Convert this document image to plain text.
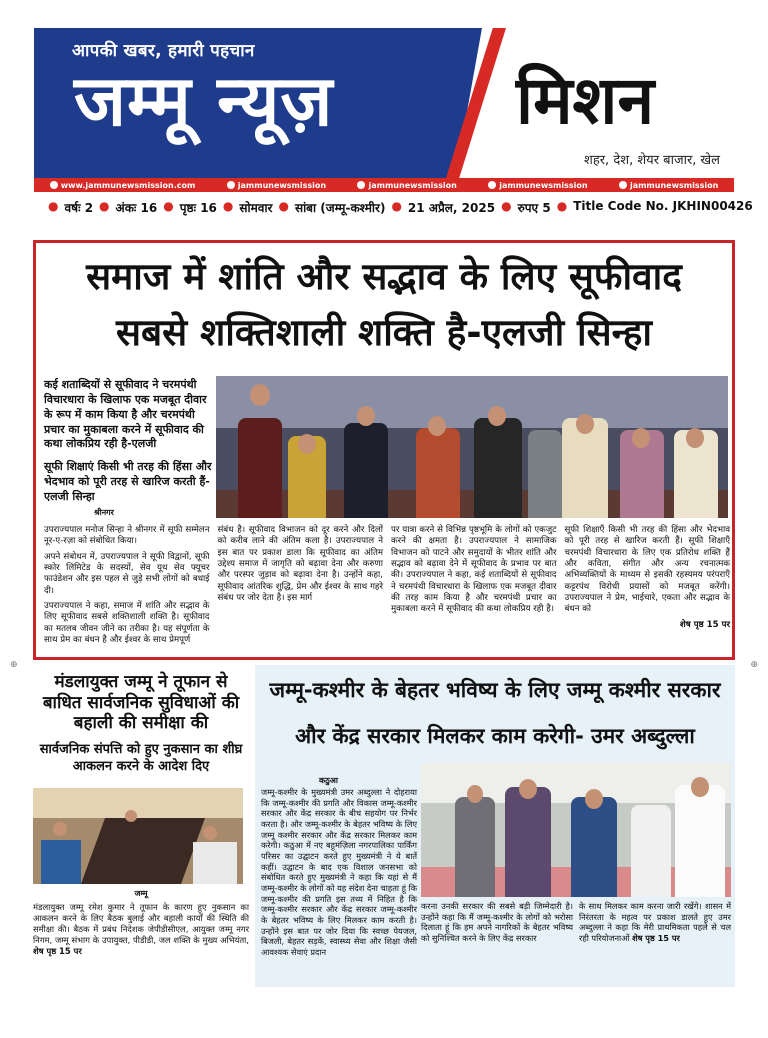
आपकी खबर, हमारी पहचान
जम्मू न्यूज़	मिशन
शहर, देश, शेयर बाजार, खेल
www.jammunewsmission.com	jammunewsmission	jammunewsmission	jammunewsmission	jammunewsmission
● वर्षः 2 ● अंकः 16 ● पृष्ठः 16 ● सोमवार ● सांबा (जम्मू-कश्मीर) ● 21 अप्रैल, 2025 ● रुपए 5 ● Title Code No. JKHIN00426
समाज में शांति और सद्भाव के लिए सूफीवाद
सबसे शक्तिशाली शक्ति है-एलजी सिन्हा

कई शताब्दियों से सूफीवाद ने चरमपंथी विचारधारा के खिलाफ एक मजबूत दीवार के रूप में काम किया है और चरमपंथी प्रचार का मुकाबला करने में सूफीवाद की कथा लोकप्रिय रही है-एलजी

सूफी शिक्षाएं किसी भी तरह की हिंसा और भेदभाव को पूरी तरह से खारिज करती हैं-एलजी सिन्हा

श्रीनगर

उपराज्यपाल मनोज सिन्हा ने श्रीनगर में सूफी सम्मेलन नूर-ए-रज़ा को संबोधित किया।

अपने संबोधन में, उपराज्यपाल ने सूफी विद्वानों, सूफी स्कोर लिमिटेड के सदस्यों, सेव यूथ सेव फ्यूचर फाउंडेशन और इस पहल से जुड़े सभी लोगों को बधाई दी।

उपराज्यपाल ने कहा, समाज में शांति और सद्भाव के लिए सूफीवाद सबसे शक्तिशाली शक्ति है। सूफीवाद का मतलब जीवन जीने का तरीका है। यह संपूर्णता के साथ प्रेम का बंधन है और ईश्वर के साथ प्रेमपूर्ण

संबंध है। सूफीवाद विभाजन को दूर करने और दिलों को करीब लाने की अंतिम कला है। उपराज्यपाल ने इस बात पर प्रकाश डाला कि सूफीवाद का अंतिम उद्देश्य समाज में जागृति को बढ़ावा देना और करुणा और परस्पर जुड़ाव को बढ़ावा देना है। उन्होंने कहा, सूफीवाद आंतरिक शुद्धि, प्रेम और ईश्वर के साथ गहरे संबंध पर जोर देता है। इस मार्ग

पर यात्रा करने से विभिन्न पृष्ठभूमि के लोगों को एकजुट करने की क्षमता है। उपराज्यपाल ने सामाजिक विभाजन को पाटने और समुदायों के भीतर शांति और सद्भाव को बढ़ावा देने में सूफीवाद के प्रभाव पर बात की। उपराज्यपाल ने कहा, कई शताब्दियों से सूफीवाद ने चरमपंथी विचारधारा के खिलाफ एक मजबूत दीवार की तरह काम किया है और चरमपंथी प्रचार का मुकाबला करने में सूफीवाद की कथा लोकप्रिय रही है।

सूफी शिक्षाएँ किसी भी तरह की हिंसा और भेदभाव को पूरी तरह से खारिज करती हैं। सूफी शिक्षाएँ चरमपंथी विचारधारा के लिए एक प्रतिरोध शक्ति हैं और कविता, संगीत और अन्य रचनात्मक अभिव्यक्तियों के माध्यम से इसकी रहस्यमय परंपराएँ कट्टरपंथ विरोधी प्रयासों को मजबूत करेंगी। उपराज्यपाल ने प्रेम, भाईचारे, एकता और सद्भाव के बंधन को

शेष पृष्ठ 15 पर

⊕	⊕
मंडलायुक्त जम्मू ने तूफान से बाधित सार्वजनिक सुविधाओं की बहाली की समीक्षा की
सार्वजनिक संपत्ति को हुए नुकसान का शीघ्र आकलन करने के आदेश दिए
जम्मू
मंडलायुक्त जम्मू रमेश कुमार ने तूफान के कारण हुए नुकसान का आकलन करने के लिए बैठक बुलाई और बहाली कार्यों की स्थिति की समीक्षा की। बैठक में प्रबंध निदेशक जेपीडीसीएल, आयुक्त जम्मू नगर निगम, जम्मू संभाग के उपायुक्त, पीडीडी, जल शक्ति के मुख्य अभियंता, शेष पृष्ठ 15 पर
जम्मू-कश्मीर के बेहतर भविष्य के लिए जम्मू कश्मीर सरकार
और केंद्र सरकार मिलकर काम करेगी- उमर अब्दुल्ला
कठुआ
जम्मू-कश्मीर के मुख्यमंत्री उमर अब्दुल्ला ने दोहराया कि जम्मू-कश्मीर की प्रगति और विकास जम्मू-कश्मीर सरकार और केंद्र सरकार के बीच सहयोग पर निर्भर करता है। और जम्मू-कश्मीर के बेहतर भविष्य के लिए जम्मू कश्मीर सरकार और केंद्र सरकार मिलकर काम करेगी। कठुआ में नए बहुमंज़िला नगरपालिका पार्किंग परिसर का उद्घाटन करते हुए मुख्यमंत्री ने ये बातें कहीं। उद्घाटन के बाद एक विशाल जनसभा को संबोधित करते हुए मुख्यमंत्री ने कहा कि यहां से मैं जम्मू-कश्मीर के लोगों को यह संदेश देना चाहता हूं कि जम्मू-कश्मीर की प्रगति इस तथ्य में निहित है कि जम्मू-कश्मीर सरकार और केंद्र सरकार जम्मू-कश्मीर के बेहतर भविष्य के लिए मिलकर काम करती है। उन्होंने इस बात पर जोर दिया कि स्वच्छ पेयजल, बिजली, बेहतर सड़कें, स्वास्थ्य सेवा और शिक्षा जैसी आवश्यक सेवाएं प्रदान
करना उनकी सरकार की सबसे बड़ी जिम्मेदारी है। उन्होंने कहा कि मैं जम्मू-कश्मीर के लोगों को भरोसा दिलाता हूं कि हम अपने नागरिकों के बेहतर भविष्य को सुनिश्चित करने के लिए केंद्र सरकार
के साथ मिलकर काम करना जारी रखेंगे। शासन में निरंतरता के महत्व पर प्रकाश डालते हुए उमर अब्दुल्ला ने कहा कि मेरी प्राथमिकता पहले से चल रही परियोजनाओं शेष पृष्ठ 15 पर
